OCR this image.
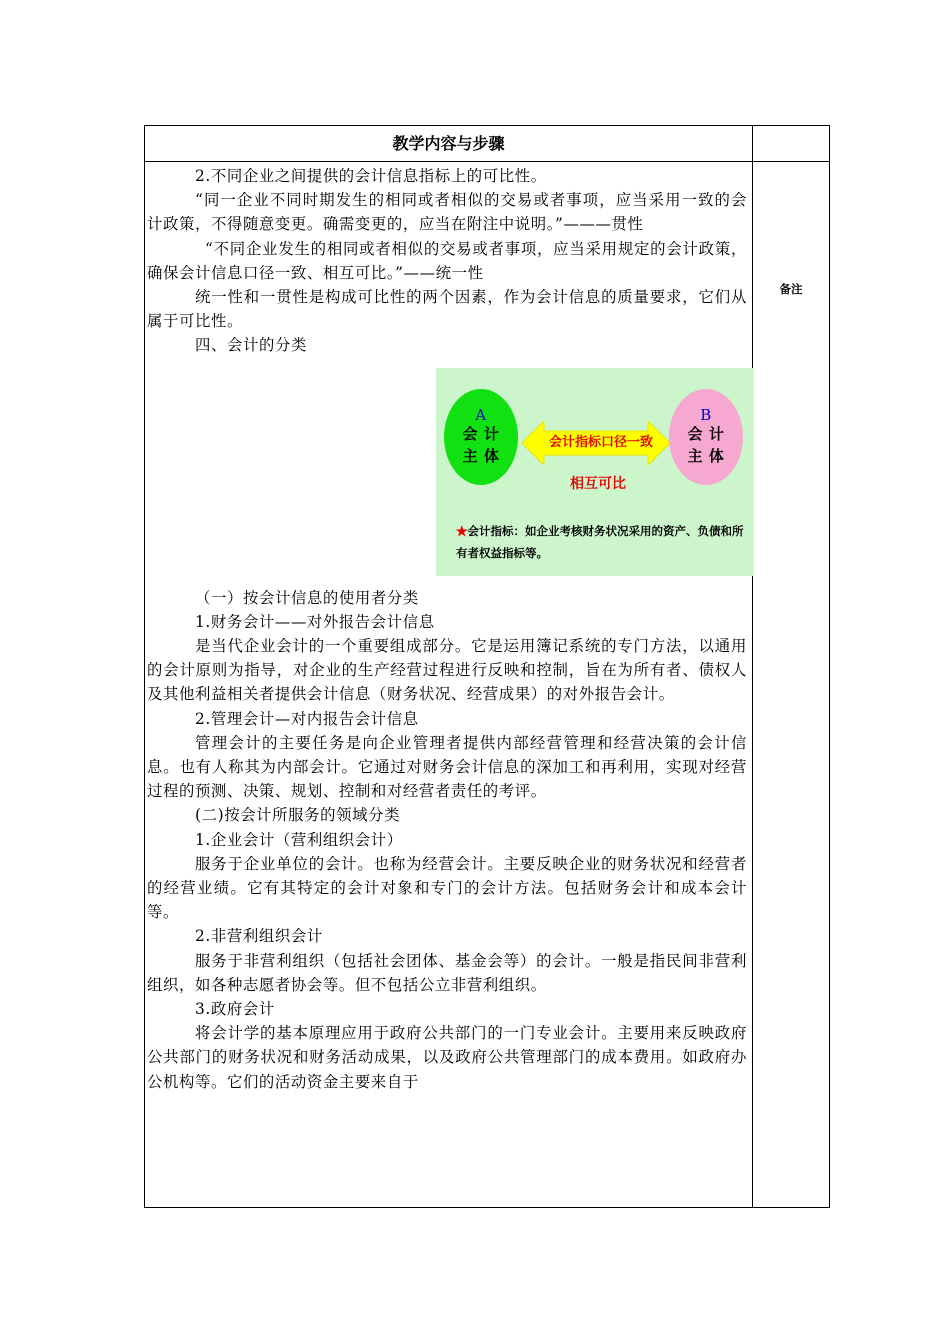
教学内容与步骤
备注

2.不同企业之间提供的会计信息指标上的可比性。

“同一企业不同时期发生的相同或者相似的交易或者事项，应当采用一致的会计政策，不得随意变更。确需变更的，应当在附注中说明。”———贯性

“不同企业发生的相同或者相似的交易或者事项，应当采用规定的会计政策，确保会计信息口径一致、相互可比。”——统一性

统一性和一贯性是构成可比性的两个因素，作为会计信息的质量要求，它们从属于可比性。

四、会计的分类

A
会 计
主 体
会计指标口径一致
相互可比
B
会 计
主 体
★会计指标：如企业考核财务状况采用的资产、负债和所有者权益指标等。

（一）按会计信息的使用者分类

1.财务会计——对外报告会计信息

是当代企业会计的一个重要组成部分。它是运用簿记系统的专门方法，以通用的会计原则为指导，对企业的生产经营过程进行反映和控制，旨在为所有者、债权人及其他利益相关者提供会计信息（财务状况、经营成果）的对外报告会计。

2.管理会计—对内报告会计信息

管理会计的主要任务是向企业管理者提供内部经营管理和经营决策的会计信息。也有人称其为内部会计。它通过对财务会计信息的深加工和再利用，实现对经营过程的预测、决策、规划、控制和对经营者责任的考评。

(二)按会计所服务的领域分类

1.企业会计（营利组织会计）

服务于企业单位的会计。也称为经营会计。主要反映企业的财务状况和经营者的经营业绩。它有其特定的会计对象和专门的会计方法。包括财务会计和成本会计等。

2.非营利组织会计

服务于非营利组织（包括社会团体、基金会等）的会计。一般是指民间非营利组织，如各种志愿者协会等。但不包括公立非营利组织。

3.政府会计

将会计学的基本原理应用于政府公共部门的一门专业会计。主要用来反映政府公共部门的财务状况和财务活动成果，以及政府公共管理部门的成本费用。如政府办公机构等。它们的活动资金主要来自于
